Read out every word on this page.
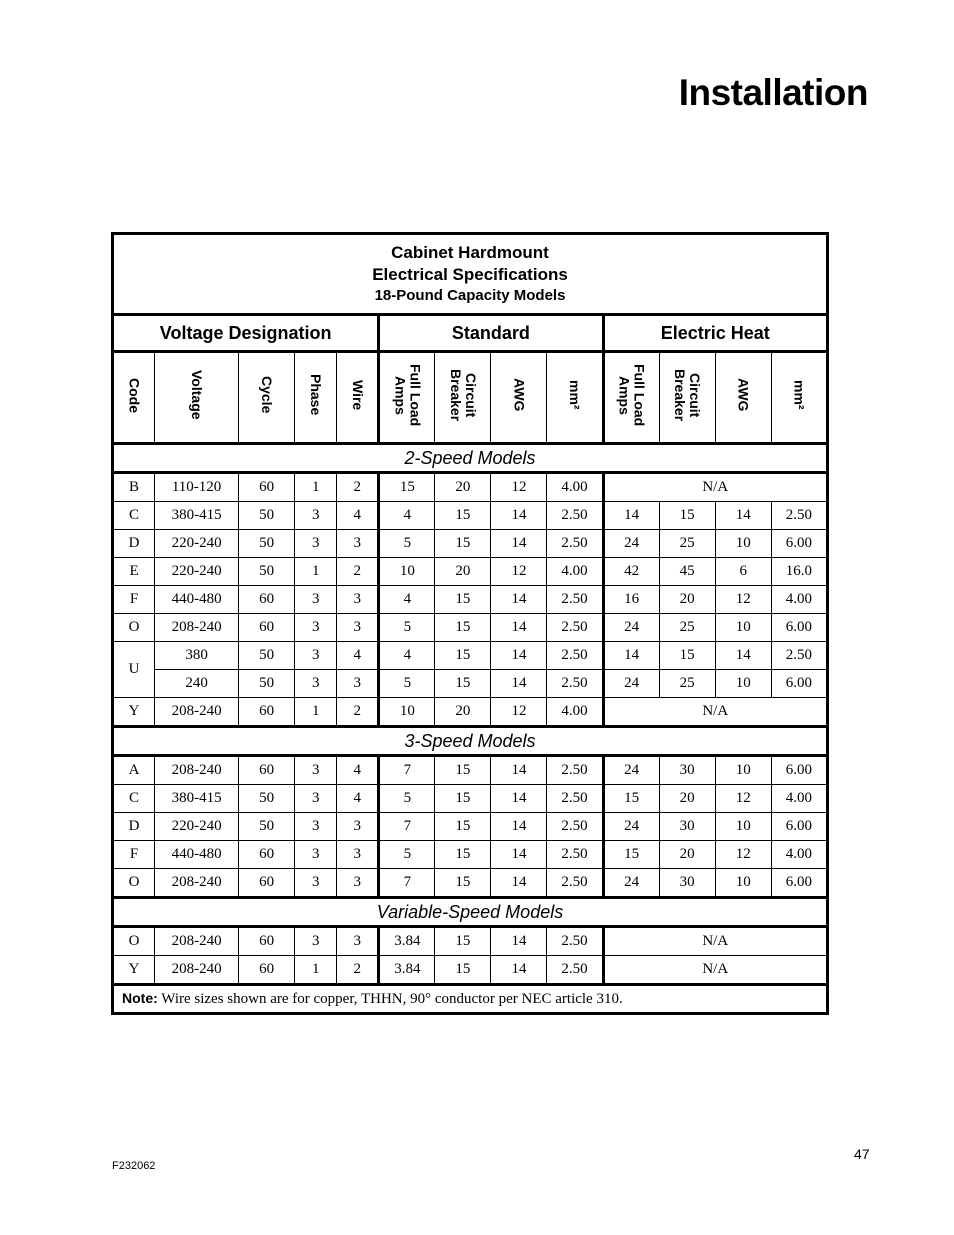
Installation
Cabinet Hardmount
Electrical Specifications
18-Pound Capacity Models												

Voltage Designation					Standard				Electric Heat			
Code	Voltage	Cycle	Phase	Wire	Full Load Amps	Circuit Breaker	AWG	mm²	Full Load Amps	Circuit Breaker	AWG	mm²
2-Speed Models												
B	110-120	60	1	2	15	20	12	4.00	N/A			
C	380-415	50	3	4	4	15	14	2.50	14	15	14	2.50
D	220-240	50	3	3	5	15	14	2.50	24	25	10	6.00
E	220-240	50	1	2	10	20	12	4.00	42	45	6	16.0
F	440-480	60	3	3	4	15	14	2.50	16	20	12	4.00
O	208-240	60	3	3	5	15	14	2.50	24	25	10	6.00
U	380	50	3	4	4	15	14	2.50	14	15	14	2.50
	240	50	3	3	5	15	14	2.50	24	25	10	6.00
Y	208-240	60	1	2	10	20	12	4.00	N/A			
3-Speed Models												
A	208-240	60	3	4	7	15	14	2.50	24	30	10	6.00
C	380-415	50	3	4	5	15	14	2.50	15	20	12	4.00
D	220-240	50	3	3	7	15	14	2.50	24	30	10	6.00
F	440-480	60	3	3	5	15	14	2.50	15	20	12	4.00
O	208-240	60	3	3	7	15	14	2.50	24	30	10	6.00
Variable-Speed Models												
O	208-240	60	3	3	3.84	15	14	2.50	N/A			
Y	208-240	60	1	2	3.84	15	14	2.50	N/A			
Note: Wire sizes shown are for copper, THHN, 90° conductor per NEC article 310.												
47
F232062
